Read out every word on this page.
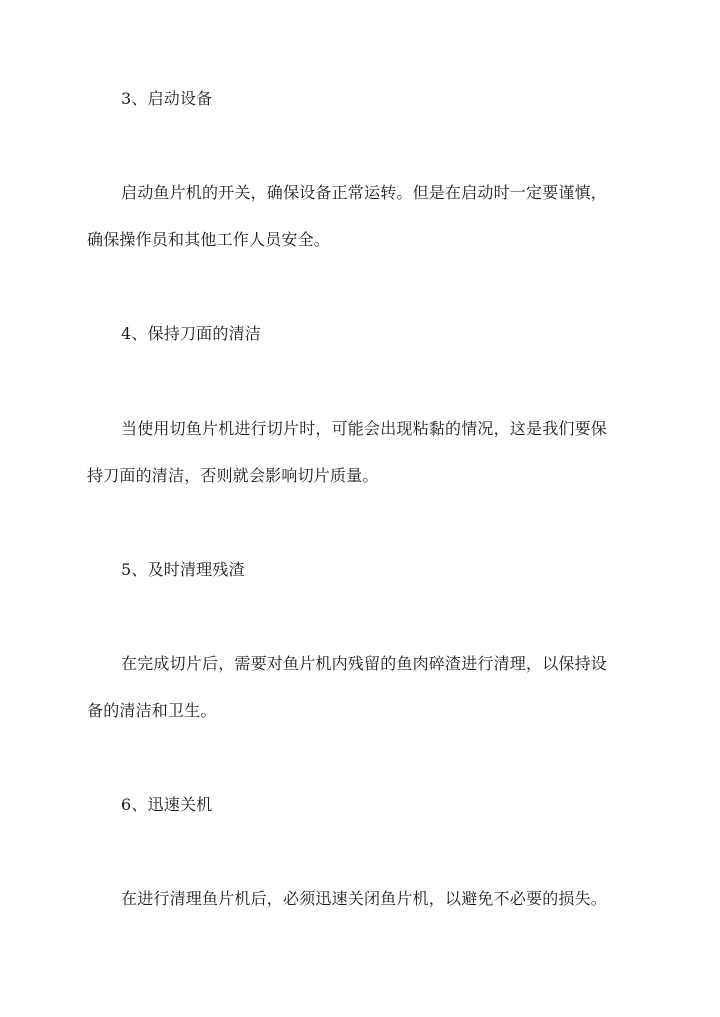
3、启动设备
启动鱼片机的开关，确保设备正常运转。但是在启动时一定要谨慎，
确保操作员和其他工作人员安全。
4、保持刀面的清洁
当使用切鱼片机进行切片时，可能会出现粘黏的情况，这是我们要保
持刀面的清洁，否则就会影响切片质量。
5、及时清理残渣
在完成切片后，需要对鱼片机内残留的鱼肉碎渣进行清理，以保持设
备的清洁和卫生。
6、迅速关机
在进行清理鱼片机后，必须迅速关闭鱼片机，以避免不必要的损失。
